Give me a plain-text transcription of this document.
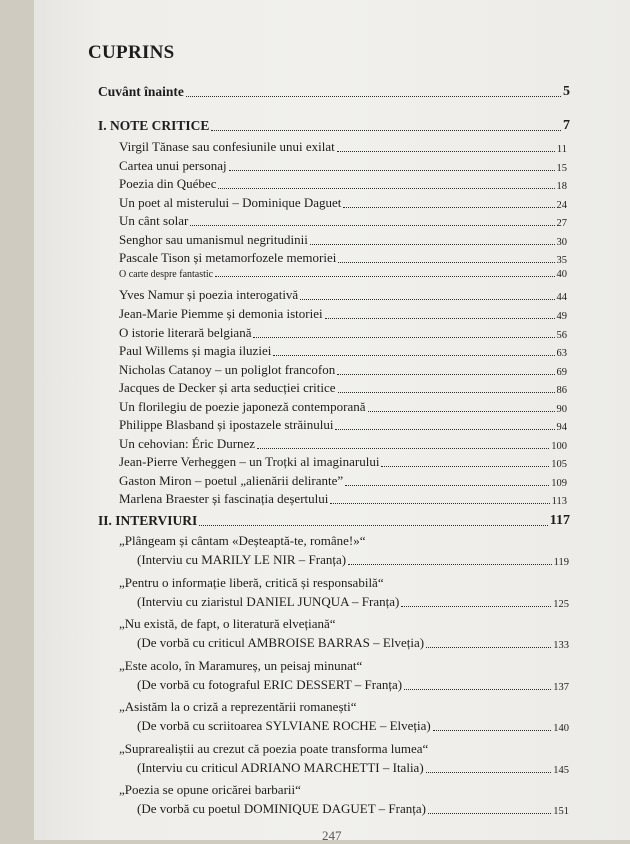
CUPRINS
Cuvânt înainte	5
I. NOTE CRITICE	7
Virgil Tănase sau confesiunile unui exilat	11
Cartea unui personaj	15
Poezia din Québec	18
Un poet al misterului – Dominique Daguet	24
Un cânt solar	27
Senghor sau umanismul negritudinii	30
Pascale Tison și metamorfozele memoriei	35
O carte despre fantastic	40
Yves Namur și poezia interogativă	44
Jean-Marie Piemme și demonia istoriei	49
O istorie literară belgiană	56
Paul Willems și magia iluziei	63
Nicholas Catanoy – un poliglot francofon	69
Jacques de Decker și arta seducției critice	86
Un florilegiu de poezie japoneză contemporană	90
Philippe Blasband și ipostazele străinului	94
Un cehovian: Éric Durnez	100
Jean-Pierre Verheggen – un Troțki al imaginarului	105
Gaston Miron – poetul „alienării delirante”	109
Marlena Braester și fascinația deșertului	113
II. INTERVIURI	117
„Plângeam și cântam «Deșteaptă-te, române!»“
(Interviu cu MARILY LE NIR – Franța)	119
„Pentru o informație liberă, critică și responsabilă“
(Interviu cu ziaristul DANIEL JUNQUA – Franța)	125
„Nu există, de fapt, o literatură elvețiană“
(De vorbă cu criticul AMBROISE BARRAS – Elveția)	133
„Este acolo, în Maramureș, un peisaj minunat“
(De vorbă cu fotograful ERIC DESSERT – Franța)	137
„Asistăm la o criză a reprezentării romanești“
(De vorbă cu scriitoarea SYLVIANE ROCHE – Elveția)	140
„Suprarealiștii au crezut că poezia poate transforma lumea“
(Interviu cu criticul ADRIANO MARCHETTI – Italia)	145
„Poezia se opune oricărei barbarii“
(De vorbă cu poetul DOMINIQUE DAGUET – Franța)	151
247
